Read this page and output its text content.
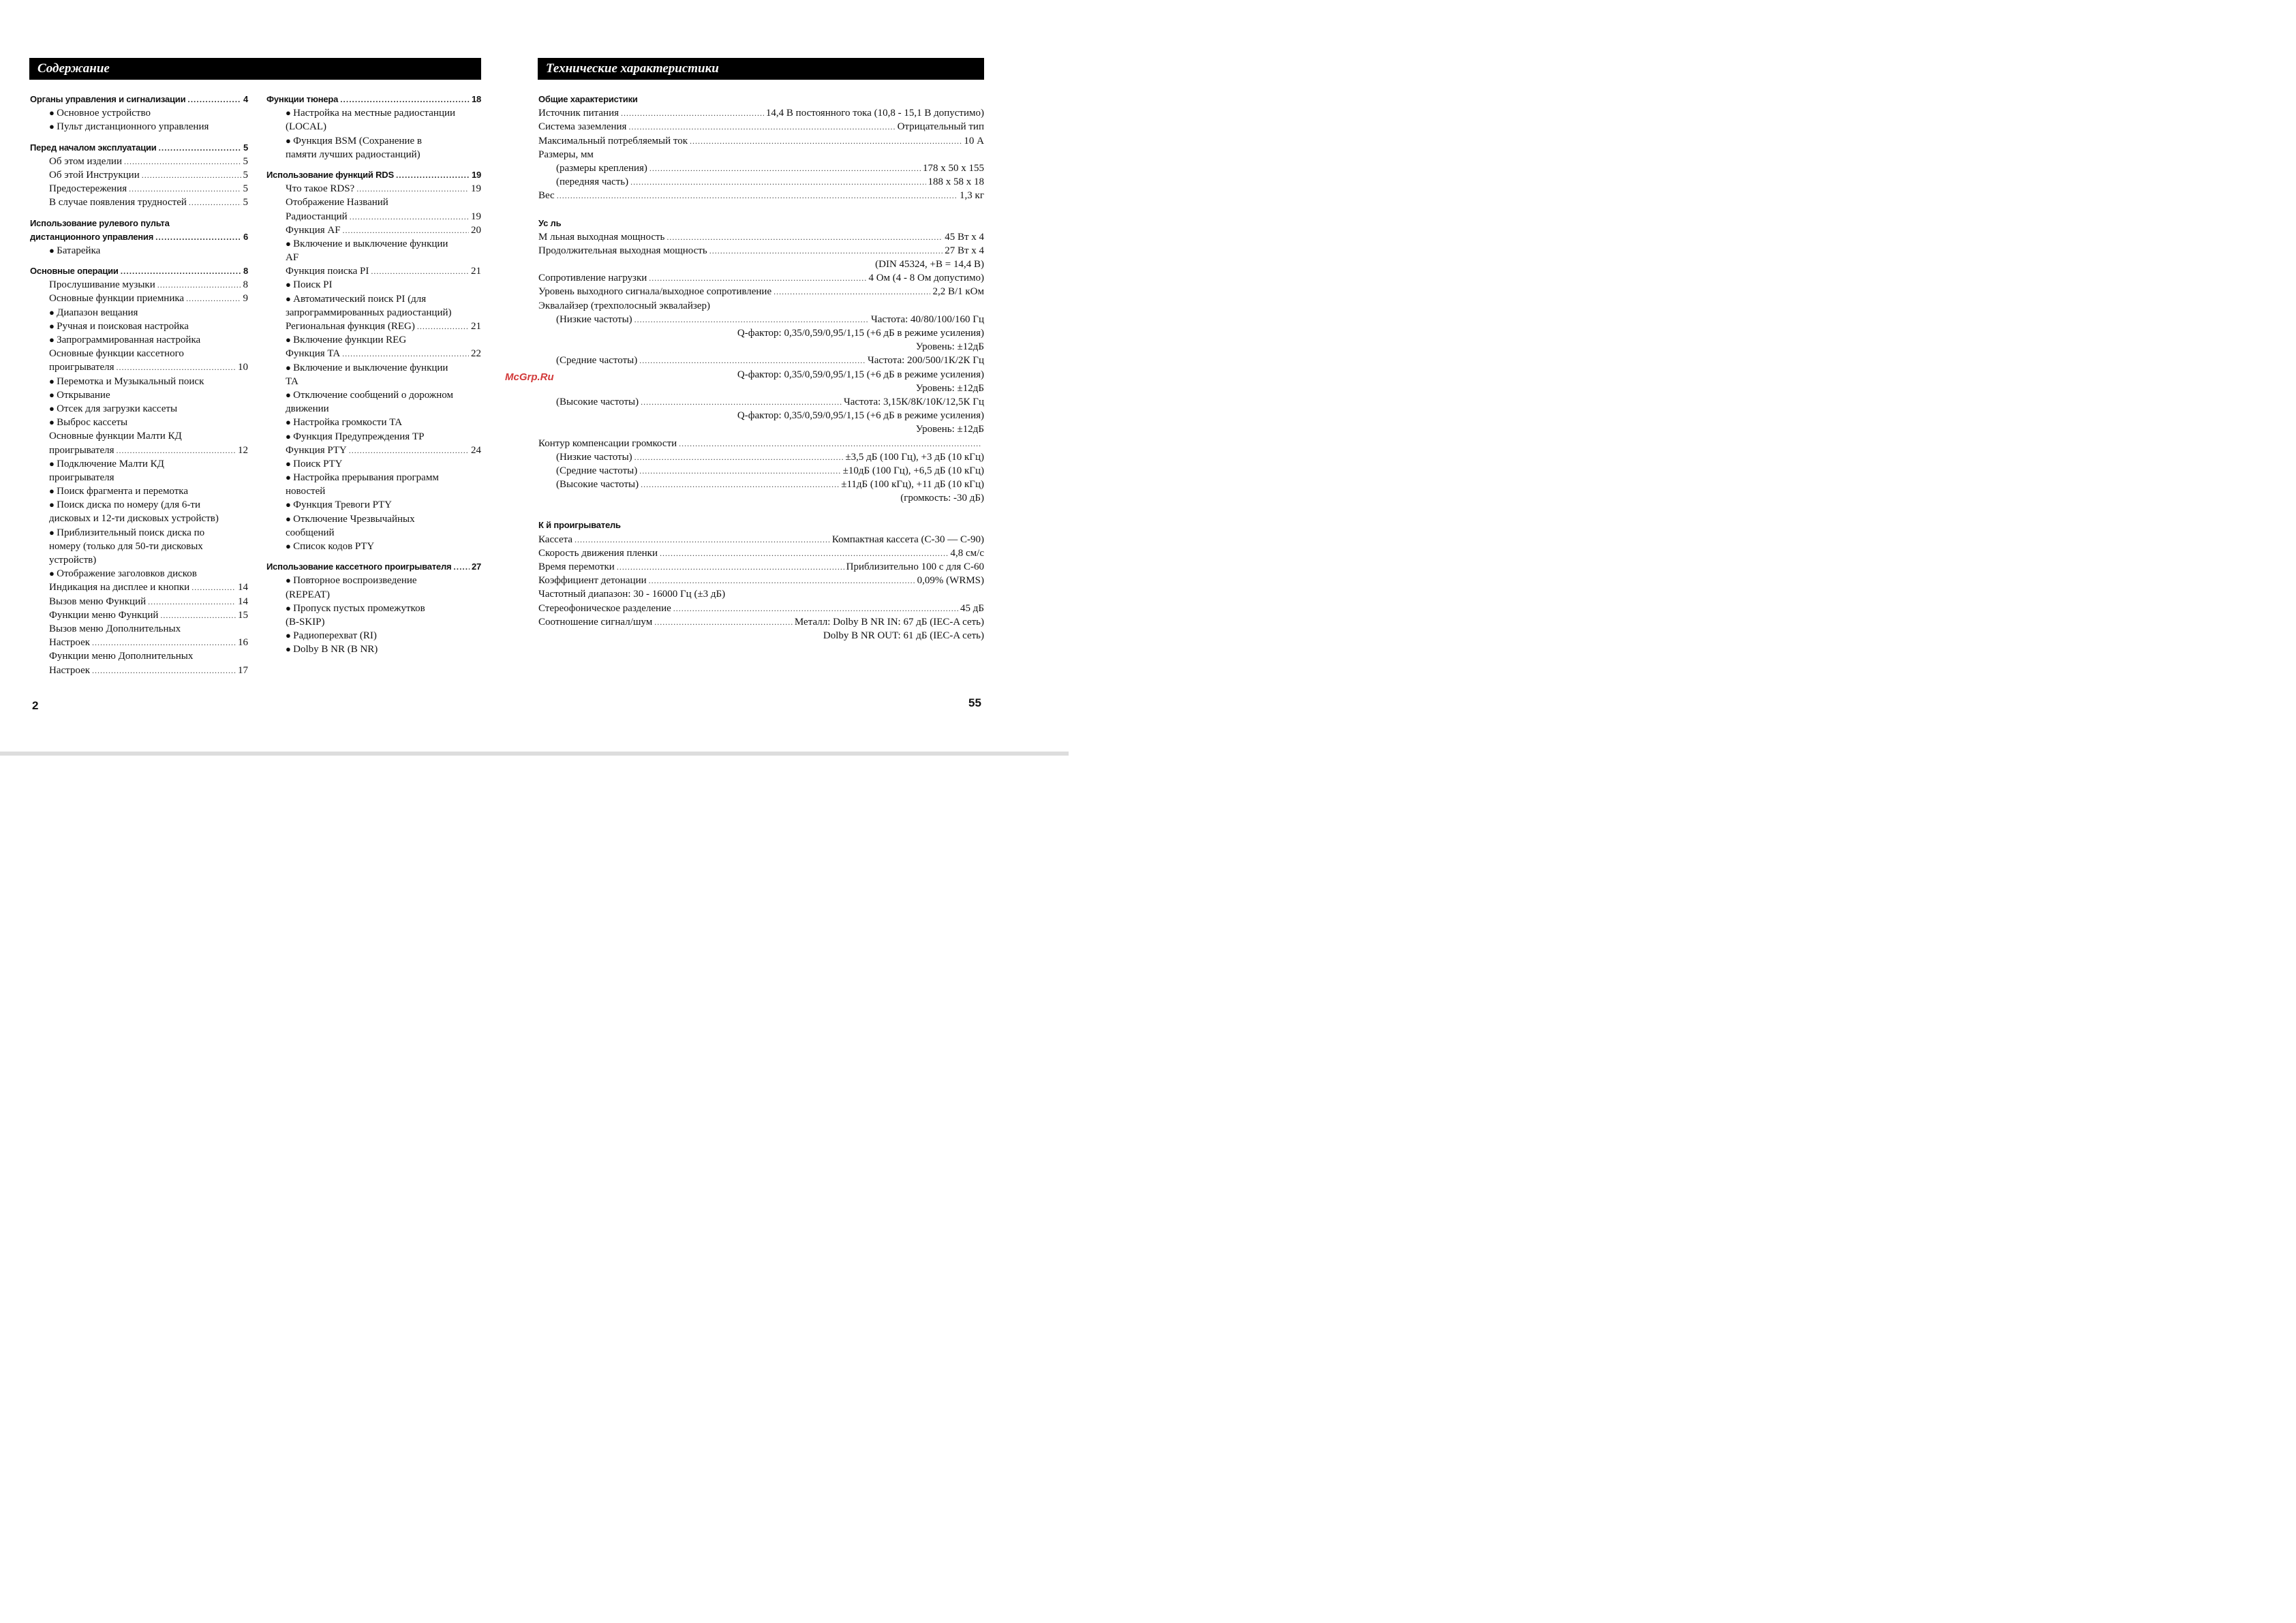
Содержание	Технические характеристики
Органы управления и сигнализации .....	4
● Основное устройство
● Пульт дистанционного управления
Перед началом эксплуатации .....	5
Об этом изделии .....	5
Об этой Инструкции .....	5
Предостережения .....	5
В случае появления трудностей .....	5
Использование рулевого пульта
дистанционного управления .....	6
● Батарейка
Основные операции .....	8
Прослушивание музыки .....	8
Основные функции приемника .....	9
● Диапазон вещания
● Ручная и поисковая настройка
● Запрограммированная настройка
Основные функции кассетного
проигрывателя .....	10
● Перемотка и Музыкальный поиск
● Открывание
● Отсек для загрузки кассеты
● Выброс кассеты
Основные функции Малти КД
проигрывателя .....	12
● Подключение Малти КД
проигрывателя
● Поиск фрагмента и перемотка
● Поиск диска по номеру (для 6-ти
дисковых и 12-ти дисковых устройств)
● Приблизительный поиск диска по
номеру (только для 50-ти дисковых
устройств)
● Отображение заголовков дисков
Индикация на дисплее и кнопки .....	14
Вызов меню Функций .....	14
Функции меню Функций .....	15
Вызов меню Дополнительных
Настроек .....	16
Функции меню Дополнительных
Настроек .....	17
Функции тюнера .....	18
● Настройка на местные радиостанции
(LOCAL)
● Функция BSM (Сохранение в
памяти лучших радиостанций)
Использование функций RDS .....	19
Что такое RDS? .....	19
Отображение Названий
Радиостанций .....	19
Функция AF .....	20
● Включение и выключение функции
AF
Функция поиска PI .....	21
● Поиск PI
● Автоматический поиск PI (для
запрограммированных радиостанций)
Региональная функция (REG) .....	21
● Включение функции REG
Функция TA .....	22
● Включение и выключение функции
TA
● Отключение сообщений о дорожном
движении
● Настройка громкости TA
● Функция Предупреждения TP
Функция PTY .....	24
● Поиск PTY
● Настройка прерывания программ
новостей
● Функция Тревоги PTY
● Отключение Чрезвычайных
сообщений
● Список кодов PTY
Использование кассетного проигрывателя ..... 27
● Повторное воспроизведение
(REPEAT)
● Пропуск пустых промежутков
(B-SKIP)
● Радиоперехват (RI)
● Dolby B NR (B NR)
Общие характеристики
Источник питания .....	14,4 В постоянного тока (10,8 - 15,1 В допустимо)
Система заземления .....	Отрицательный тип
Максимальный потребляемый ток .....	10 А
Размеры, мм
(размеры крепления) .....	178 x 50 x 155
(передняя часть) .....	188 x 58 x 18
Вес .....	1,3 кг
Ус ль
М льная выходная мощность .....	45 Вт x 4
Продолжительная выходная мощность .....	27 Вт x 4
(DIN 45324, +B = 14,4 В)
Сопротивление нагрузки .....	4 Ом (4 - 8 Ом допустимо)
Уровень выходного сигнала/выходное сопротивление .....	2,2 В/1 кОм
Эквалайзер (трехполосный эквалайзер)
(Низкие частоты) .....	Частота: 40/80/100/160 Гц
Q-фактор: 0,35/0,59/0,95/1,15 (+6 дБ в режиме усиления)
Уровень: ±12дБ
(Средние частоты) .....	Частота: 200/500/1К/2К Гц
Q-фактор: 0,35/0,59/0,95/1,15 (+6 дБ в режиме усиления)
Уровень: ±12дБ
(Высокие частоты) .....	Частота: 3,15К/8К/10К/12,5К Гц
Q-фактор: 0,35/0,59/0,95/1,15 (+6 дБ в режиме усиления)
Уровень: ±12дБ
Контур компенсации громкости
.....
(Низкие частоты) .....	±3,5 дБ (100 Гц), +3 дБ (10 кГц)
(Средние частоты) .....	±10дБ (100 Гц), +6,5 дБ (10 кГц)
(Высокие частоты) .....	±11дБ (100 кГц), +11 дБ (10 кГц)
(громкость: -30 дБ)
К й проигрыватель
Кассета .....	Компактная кассета (С-30 — С-90)
Скорость движения пленки .....	4,8 см/с
Время перемотки .....	Приблизительно 100 с для С-60
Коэффициент детонации .....	0,09% (WRMS)
Частотный диапазон: 30 - 16000 Гц (±3 дБ)
Стереофоническое разделение .....	45 дБ
Соотношение сигнал/шум .....	Металл: Dolby B NR IN: 67 дБ (IEC-A сеть)
Dolby B NR OUT: 61 дБ (IEC-A сеть)
McGrp.Ru
2	55
